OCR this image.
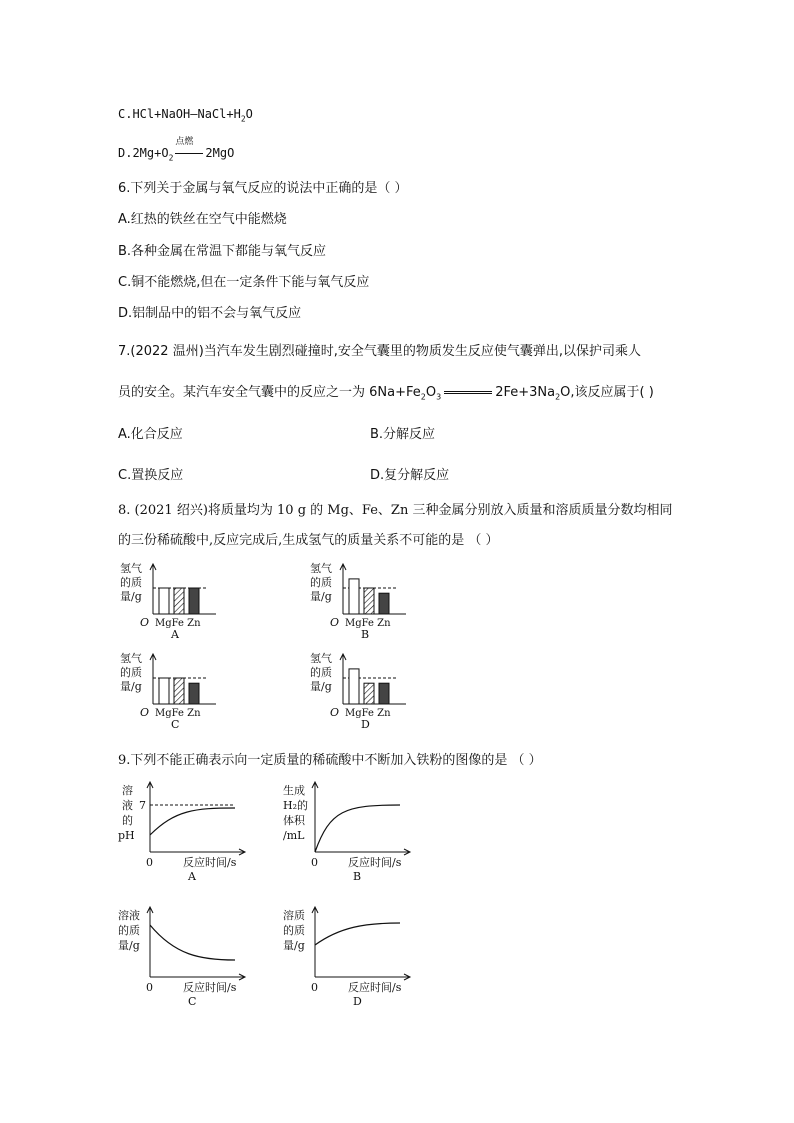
$C.HCl+NaOH—NaCl+H_2O$
$D.2Mg+O_2$
点燃
2MgO
6.下列关于金属与氧气反应的说法中正确的是（ ）
A.红热的铁丝在空气中能燃烧
B.各种金属在常温下都能与氧气反应
C.铜不能燃烧,但在一定条件下能与氧气反应
D.铝制品中的铝不会与氧气反应
7.(2022 温州)当汽车发生剧烈碰撞时,安全气囊里的物质发生反应使气囊弹出,以保护司乘人
员的安全。某汽车安全气囊中的反应之一为 $6Na+Fe_2O_3$	$2Fe+3Na_2O$,该反应属于( )
A.化合反应	B.分解反应
C.置换反应	D.复分解反应
8. (2021 绍兴)将质量均为 10 g 的 Mg、Fe、Zn 三种金属分别放入质量和溶质质量分数均相同
的三份稀硫酸中,反应完成后,生成氢气的质量关系不可能的是 （ ）
氢气
的质
量/g
O MgFe Zn
A
氢气
的质
量/g
O MgFe Zn
B
氢气
的质
量/g
O MgFe Zn
C
氢气
的质
量/g
O MgFe Zn
D
9.下列不能正确表示向一定质量的稀硫酸中不断加入铁粉的图像的是 （ ）
溶
液
的
pH
7
0	反应时间/s
A
生成
H₂的
体积
/mL
0	反应时间/s
B
溶液
的质
量/g
0	反应时间/s
C
溶质
的质
量/g
0	反应时间/s
D
